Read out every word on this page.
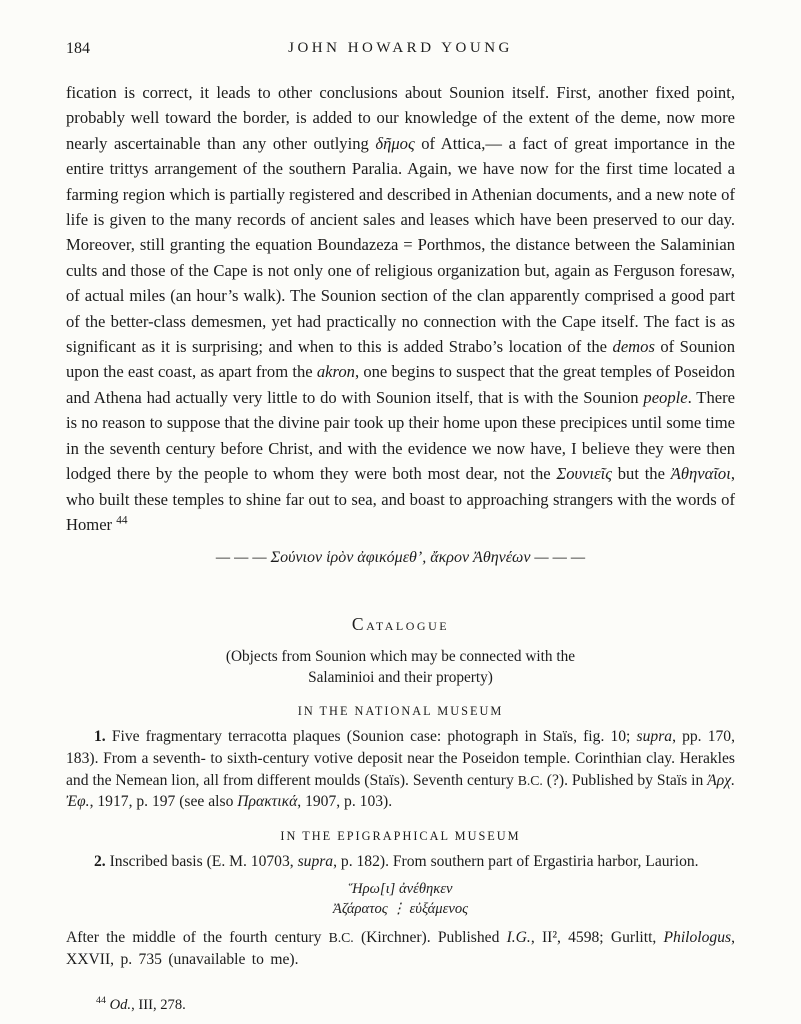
184	JOHN HOWARD YOUNG

fication is correct, it leads to other conclusions about Sounion itself. First, another fixed point, probably well toward the border, is added to our knowledge of the extent of the deme, now more nearly ascertainable than any other outlying δῆμος of Attica,— a fact of great importance in the entire trittys arrangement of the southern Paralia. Again, we have now for the first time located a farming region which is partially registered and described in Athenian documents, and a new note of life is given to the many records of ancient sales and leases which have been preserved to our day. Moreover, still granting the equation Boundazeza = Porthmos, the distance between the Salaminian cults and those of the Cape is not only one of religious organization but, again as Ferguson foresaw, of actual miles (an hour’s walk). The Sounion section of the clan apparently comprised a good part of the better-class demesmen, yet had practically no connection with the Cape itself. The fact is as significant as it is surprising; and when to this is added Strabo’s location of the demos of Sounion upon the east coast, as apart from the akron, one begins to suspect that the great temples of Poseidon and Athena had actually very little to do with Sounion itself, that is with the Sounion people. There is no reason to suppose that the divine pair took up their home upon these precipices until some time in the seventh century before Christ, and with the evidence we now have, I believe they were then lodged there by the people to whom they were both most dear, not the Σουνιεῖς but the Ἀθηναῖοι, who built these temples to shine far out to sea, and boast to approaching strangers with the words of Homer $^{44}$

— — — Σούνιον ἱρὸν ἀφικόμεθ’, ἄκρον Ἀθηνέων — — —

Catalogue

(Objects from Sounion which may be connected with the
Salaminioi and their property)

IN THE NATIONAL MUSEUM

1. Five fragmentary terracotta plaques (Sounion case: photograph in Staïs, fig. 10; supra, pp. 170, 183). From a seventh- to sixth-century votive deposit near the Poseidon temple. Corinthian clay. Herakles and the Nemean lion, all from different moulds (Staïs). Seventh century B.C. (?). Published by Staïs in Ἀρχ. Ἐφ., 1917, p. 197 (see also Πρακτικά, 1907, p. 103).

IN THE EPIGRAPHICAL MUSEUM

2. Inscribed basis (E. M. 10703, supra, p. 182). From southern part of Ergastiria harbor, Laurion.

Ἥρω[ι] ἀνέθηκεν
Ἀζάρατος ⋮ εὐξάμενος

After the middle of the fourth century B.C. (Kirchner). Published I.G., II², 4598; Gurlitt, Philologus, XXVII, p. 735 (unavailable to me).

$^{44}$ Od., III, 278.
